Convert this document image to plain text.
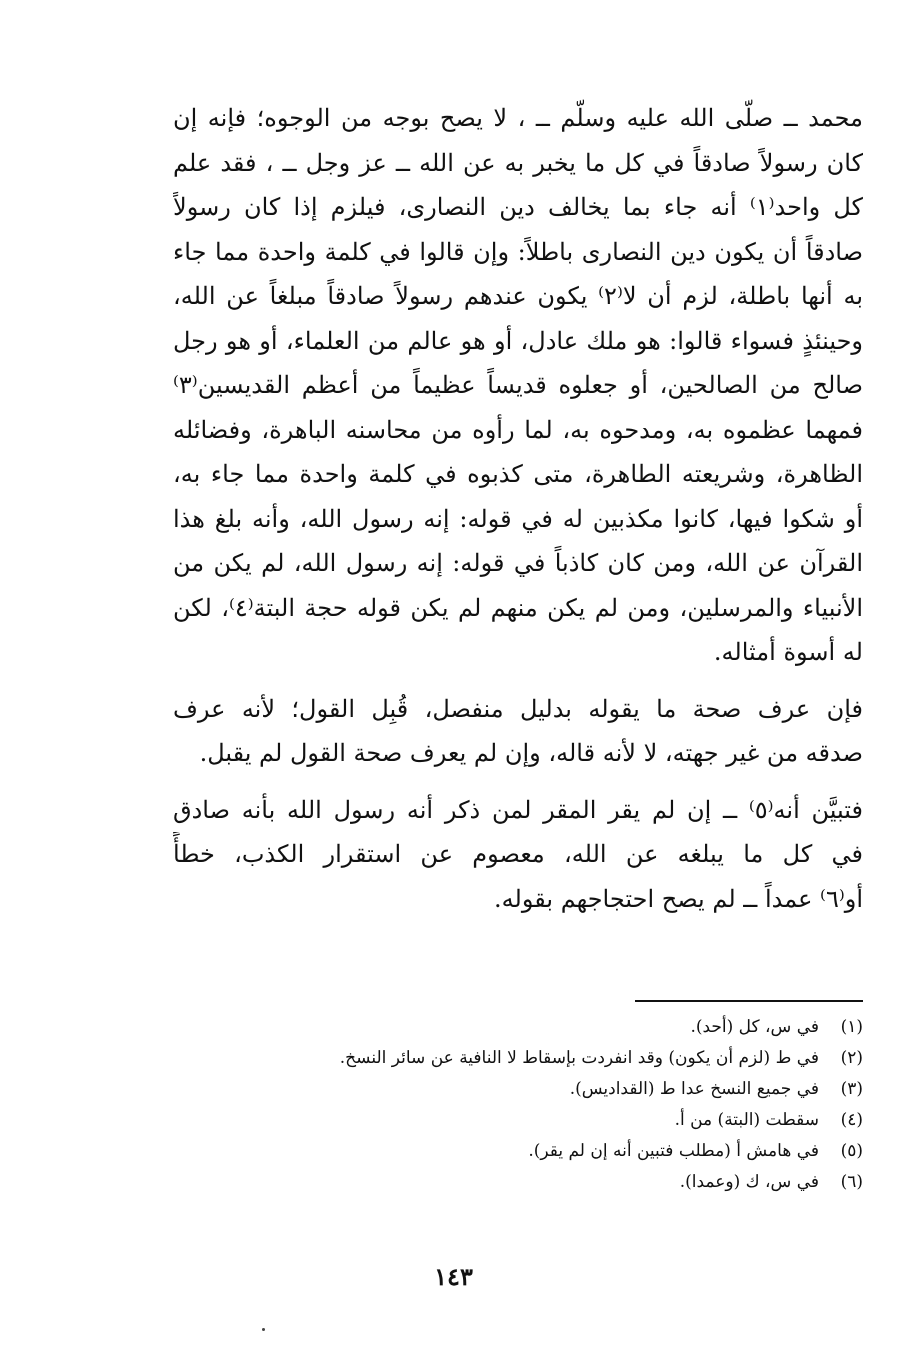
محمد ــ صلّى الله عليه وسلّم ــ ، لا يصح بوجه من الوجوه؛ فإنه إن
كان رسولاً صادقاً في كل ما يخبر به عن الله ــ عز وجل ــ ، فقد علم
كل واحد⁽١⁾ أنه جاء بما يخالف دين النصارى، فيلزم إذا كان رسولاً
صادقاً أن يكون دين النصارى باطلاً: وإن قالوا في كلمة واحدة مما جاء
به أنها باطلة، لزم أن لا⁽٢⁾ يكون عندهم رسولاً صادقاً مبلغاً عن الله،
وحينئذٍ فسواء قالوا: هو ملك عادل، أو هو عالم من العلماء، أو هو رجل
صالح من الصالحين، أو جعلوه قديساً عظيماً من أعظم القديسين⁽٣⁾
فمهما عظموه به، ومدحوه به، لما رأوه من محاسنه الباهرة، وفضائله
الظاهرة، وشريعته الطاهرة، متى كذبوه في كلمة واحدة مما جاء به،
أو شكوا فيها، كانوا مكذبين له في قوله: إنه رسول الله، وأنه بلغ هذا
القرآن عن الله، ومن كان كاذباً في قوله: إنه رسول الله، لم يكن من
الأنبياء والمرسلين، ومن لم يكن منهم لم يكن قوله حجة البتة⁽٤⁾، لكن
له أسوة أمثاله.

فإن عرف صحة ما يقوله بدليل منفصل، قُبِل القول؛ لأنه عرف
صدقه من غير جهته، لا لأنه قاله، وإن لم يعرف صحة القول لم يقبل.

فتبيَّن أنه⁽٥⁾ ــ إن لم يقر المقر لمن ذكر أنه رسول الله بأنه صادق
في كل ما يبلغه عن الله، معصوم عن استقرار الكذب، خطأً
أو⁽٦⁾ عمداً ــ لم يصح احتجاجهم بقوله.

(١)في س، كل (أحد).
(٢)في ط (لزم أن يكون) وقد انفردت بإسقاط لا النافية عن سائر النسخ.
(٣)في جميع النسخ عدا ط (القداديس).
(٤)سقطت (البتة) من أ.
(٥)في هامش أ (مطلب فتبين أنه إن لم يقر).
(٦)في س، ك (وعمدا).
١٤٣
